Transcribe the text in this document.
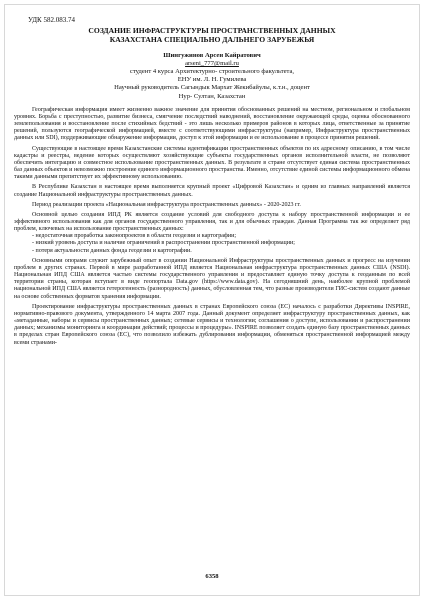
УДК 582.083.74
СОЗДАНИЕ ИНФРАСТРУКТУРЫ ПРОСТРАНСТВЕННЫХ ДАННЫХ
КАЗАХСТАНА СПЕЦИАЛЬНО ДАЛЬНЕГО ЗАРУБЕЖЬЯ
Шингужинов Арсен Кайратович
arseni_777@mail.ru
студент 4 курса Архитектурно- строительного факультета,
ЕНУ им. Л. Н. Гумилева
Научный руководитель Сагындык Мархат Жекибайулы, к.т.н., доцент
Нур- Султан, Казахстан

Географическая информация имеет жизненно важное значение для принятия обоснованных решений на местном, региональном и глобальном уровнях. Борьба с преступностью, развитие бизнеса, смягчение последствий наводнений, восстановление окружающей среды, оценка обоснованного землепользования и восстановление после стихийных бедствий - это лишь несколько примеров районов в которых лица, ответственные за принятие решений, пользуются географической информацией, вместе с соответствующими инфраструктуры (например, Инфраструктура пространственных данных или SDI), поддерживающие обнаружение информации, доступ к этой информации и ее использование в процессе принятия решений.

Существующие в настоящее время Казахстанские системы идентификации пространственных объектов по их адресному описанию, в том числе кадастры и реестры, ведение которых осуществляют хозяйствующие субъекты государственных органов исполнительной власти, не позволяют обеспечить интеграцию и совместное использование пространственных данных. В результате в стране отсутствует единая система пространственных баз данных объектов и невозможно построение единого информационного пространства. Именно, отсутствие единой системы информационного обмена такими данными препятствует их эффективному использованию.

В Республике Казахстан в настоящее время выполняется крупный проект «Цифровой Казахстан» и одним из главных направлений является создание Национальной инфраструктуры пространственных данных.

Период реализации проекта «Национальная инфраструктура пространственных данных» - 2020-2023 гг.

Основной целью создания ИПД РК является создание условий для свободного доступа к набору пространственной информации и ее эффективного использования как для органов государственного управления, так и для обычных граждан. Данная Программа так же определяет ряд проблем, ключевых на использование пространственных данных:

- недостаточная проработка законопроектов в области геодезии и картографии;

- низкий уровень доступа и наличие ограничений в распространении пространственной информации;

- потеря актуальности данных фонда геодезии и картографии.

Основными опорами служит зарубежный опыт в создании Национальной Инфраструктуры пространственных данных и прогресс на изучении проблем в других странах. Первой в мире разработанной ИПД является Национальная инфраструктура пространственных данных США (NSDI). Национальная ИПД США является частью системы государственного управления и предоставляет единую точку доступа к геоданным по всей территории страны, которая вступает в виде геопортала Data.gov (https://www.data.gov). На сегодняшний день, наиболее крупной проблемой национальной ИПД США является гетерогенность (разнородность) данных, обусловленная тем, что разные производители ГИС-систем создают данные на основе собственных форматов хранения информации.

Проектирование инфраструктуры пространственных данных в странах Европейского союза (ЕС) началось с разработки Директивы INSPIRE, нормативно-правового документа, утвержденного 14 марта 2007 года. Данный документ определяет инфраструктуру пространственных данных, как «метаданные, наборы и сервисы пространственных данных; сетевые сервисы и технологии; соглашения о доступе, использовании и распространении данных; механизмы мониторинга и координации действий; процессы и процедуры». INSPIRE позволяет создать единую базу пространственных данных в пределах стран Европейского союза (ЕС), что позволило избежать дублирования информации, обменяться пространственной информацией между всеми странами-

6358
